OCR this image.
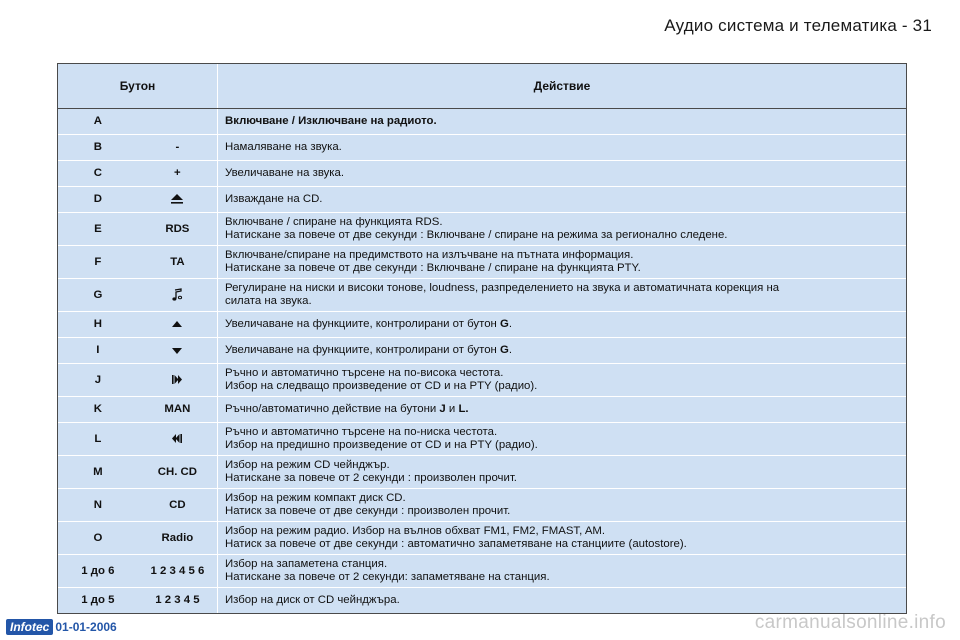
Аудио система и телематика - 31
Бутон		Действие
A		Включване / Изключване на радиото.

B	-	Намаляване на звука.

C	+	Увеличаване на звука.

D		Изваждане на CD.

E	RDS	Включване / спиране на функцията RDS.
Натискане за повече от две секунди : Включване / спиране на режима за регионално следене.

F	TA	Включване/спиране на предимството на излъчване на пътната информация.
Натискане за повече от две секунди : Включване / спиране на функцията PTY.

G		Регулиране на ниски и високи тонове, loudness, разпределението на звука и автоматичната корекция на
силата на звука.

H		Увеличаване на функциите, контролирани от бутон G.

I		Увеличаване на функциите, контролирани от бутон G.

J		Ръчно и автоматично търсене на по-висока честота.
Избор на следващо произведение от CD и на PTY (радио).

K	MAN	Ръчно/автоматично действие на бутони J и L.

L		Ръчно и автоматично търсене на по-ниска честота.
Избор на предишно произведение от CD и на PTY (радио).

M	CH. CD	Избор на режим CD чейнджър.
Натискане за повече от 2 секунди : произволен прочит.

N	CD	Избор на режим компакт диск CD.
Натиск за повече от две секунди : произволен прочит.

O	Radio	Избор на режим радио. Избор на вълнов обхват FM1, FM2, FMAST, AM.
Натиск за повече от две секунди : автоматично запаметяване на станциите (autostore).

1 до 6	1 2 3 4 5 6	Избор на запаметена станция.
Натискане за повече от 2 секунди: запаметяване на станция.

1 до 5	1 2 3 4 5	Избор на диск от CD чейнджъра.
Infotec 01-01-2006	carmanualsonline.info
